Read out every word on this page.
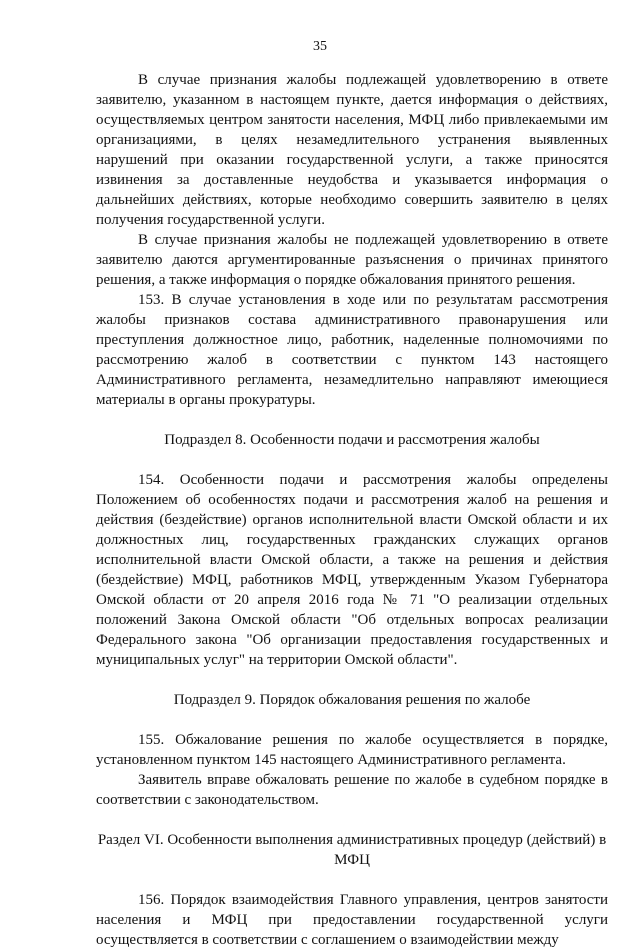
35

В случае признания жалобы подлежащей удовлетворению в ответе заявителю, указанном в настоящем пункте, дается информация о действиях, осуществляемых центром занятости населения, МФЦ либо привлекаемыми им организациями, в целях незамедлительного устранения выявленных нарушений при оказании государственной услуги, а также приносятся извинения за доставленные неудобства и указывается информация о дальнейших действиях, которые необходимо совершить заявителю в целях получения государственной услуги.

В случае признания жалобы не подлежащей удовлетворению в ответе заявителю даются аргументированные разъяснения о причинах принятого решения, а также информация о порядке обжалования принятого решения.

153. В случае установления в ходе или по результатам рассмотрения жалобы признаков состава административного правонарушения или преступления должностное лицо, работник, наделенные полномочиями по рассмотрению жалоб в соответствии с пунктом 143 настоящего Административного регламента, незамедлительно направляют имеющиеся материалы в органы прокуратуры.

Подраздел 8. Особенности подачи и рассмотрения жалобы

154. Особенности подачи и рассмотрения жалобы определены Положением об особенностях подачи и рассмотрения жалоб на решения и действия (бездействие) органов исполнительной власти Омской области и их должностных лиц, государственных гражданских служащих органов исполнительной власти Омской области, а также на решения и действия (бездействие) МФЦ, работников МФЦ, утвержденным Указом Губернатора Омской области от 20 апреля 2016 года № 71 "О реализации отдельных положений Закона Омской области "Об отдельных вопросах реализации Федерального закона "Об организации предоставления государственных и муниципальных услуг" на территории Омской области".

Подраздел 9. Порядок обжалования решения по жалобе

155. Обжалование решения по жалобе осуществляется в порядке, установленном пунктом 145 настоящего Административного регламента.

Заявитель вправе обжаловать решение по жалобе в судебном порядке в соответствии с законодательством.

Раздел VI. Особенности выполнения административных процедур (действий) в МФЦ

156. Порядок взаимодействия Главного управления, центров занятости населения и МФЦ при предоставлении государственной услуги осуществляется в соответствии с соглашением о взаимодействии между
